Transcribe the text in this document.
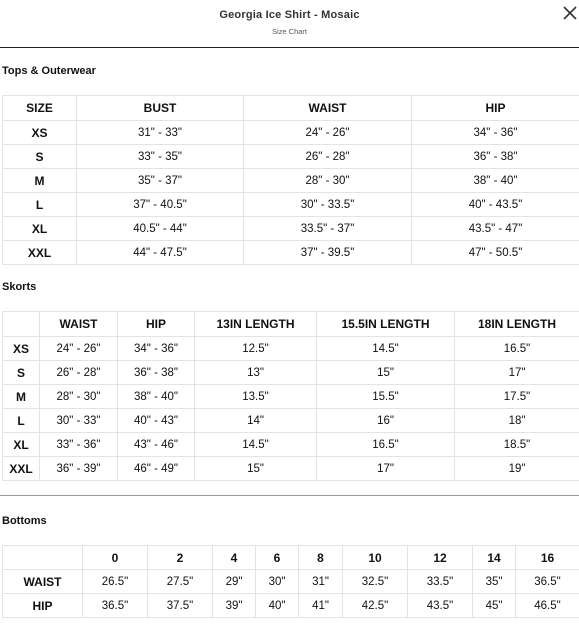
Georgia Ice Shirt - Mosaic
Size Chart
Tops & Outerwear
SIZE	BUST	WAIST	HIP
XS	31" - 33"	24" - 26"	34" - 36"
S	33" - 35"	26" - 28"	36" - 38"
M	35" - 37"	28" - 30"	38" - 40"
L	37" - 40.5"	30" - 33.5"	40" - 43.5"
XL	40.5" - 44"	33.5" - 37"	43.5" - 47"
XXL	44" - 47.5"	37" - 39.5"	47" - 50.5"
Skorts
	WAIST	HIP	13IN LENGTH	15.5IN LENGTH	18IN LENGTH
XS	24" - 26"	34" - 36"	12.5"	14.5"	16.5"
S	26" - 28"	36" - 38"	13"	15"	17"
M	28" - 30"	38" - 40"	13.5"	15.5"	17.5"
L	30" - 33"	40" - 43"	14"	16"	18"
XL	33" - 36"	43" - 46"	14.5"	16.5"	18.5"
XXL	36" - 39"	46" - 49"	15"	17"	19"
Bottoms
	0	2	4	6	8	10	12	14	16
WAIST	26.5"	27.5"	29"	30"	31"	32.5"	33.5"	35"	36.5"
HIP	36.5"	37.5"	39"	40"	41"	42.5"	43.5"	45"	46.5"
